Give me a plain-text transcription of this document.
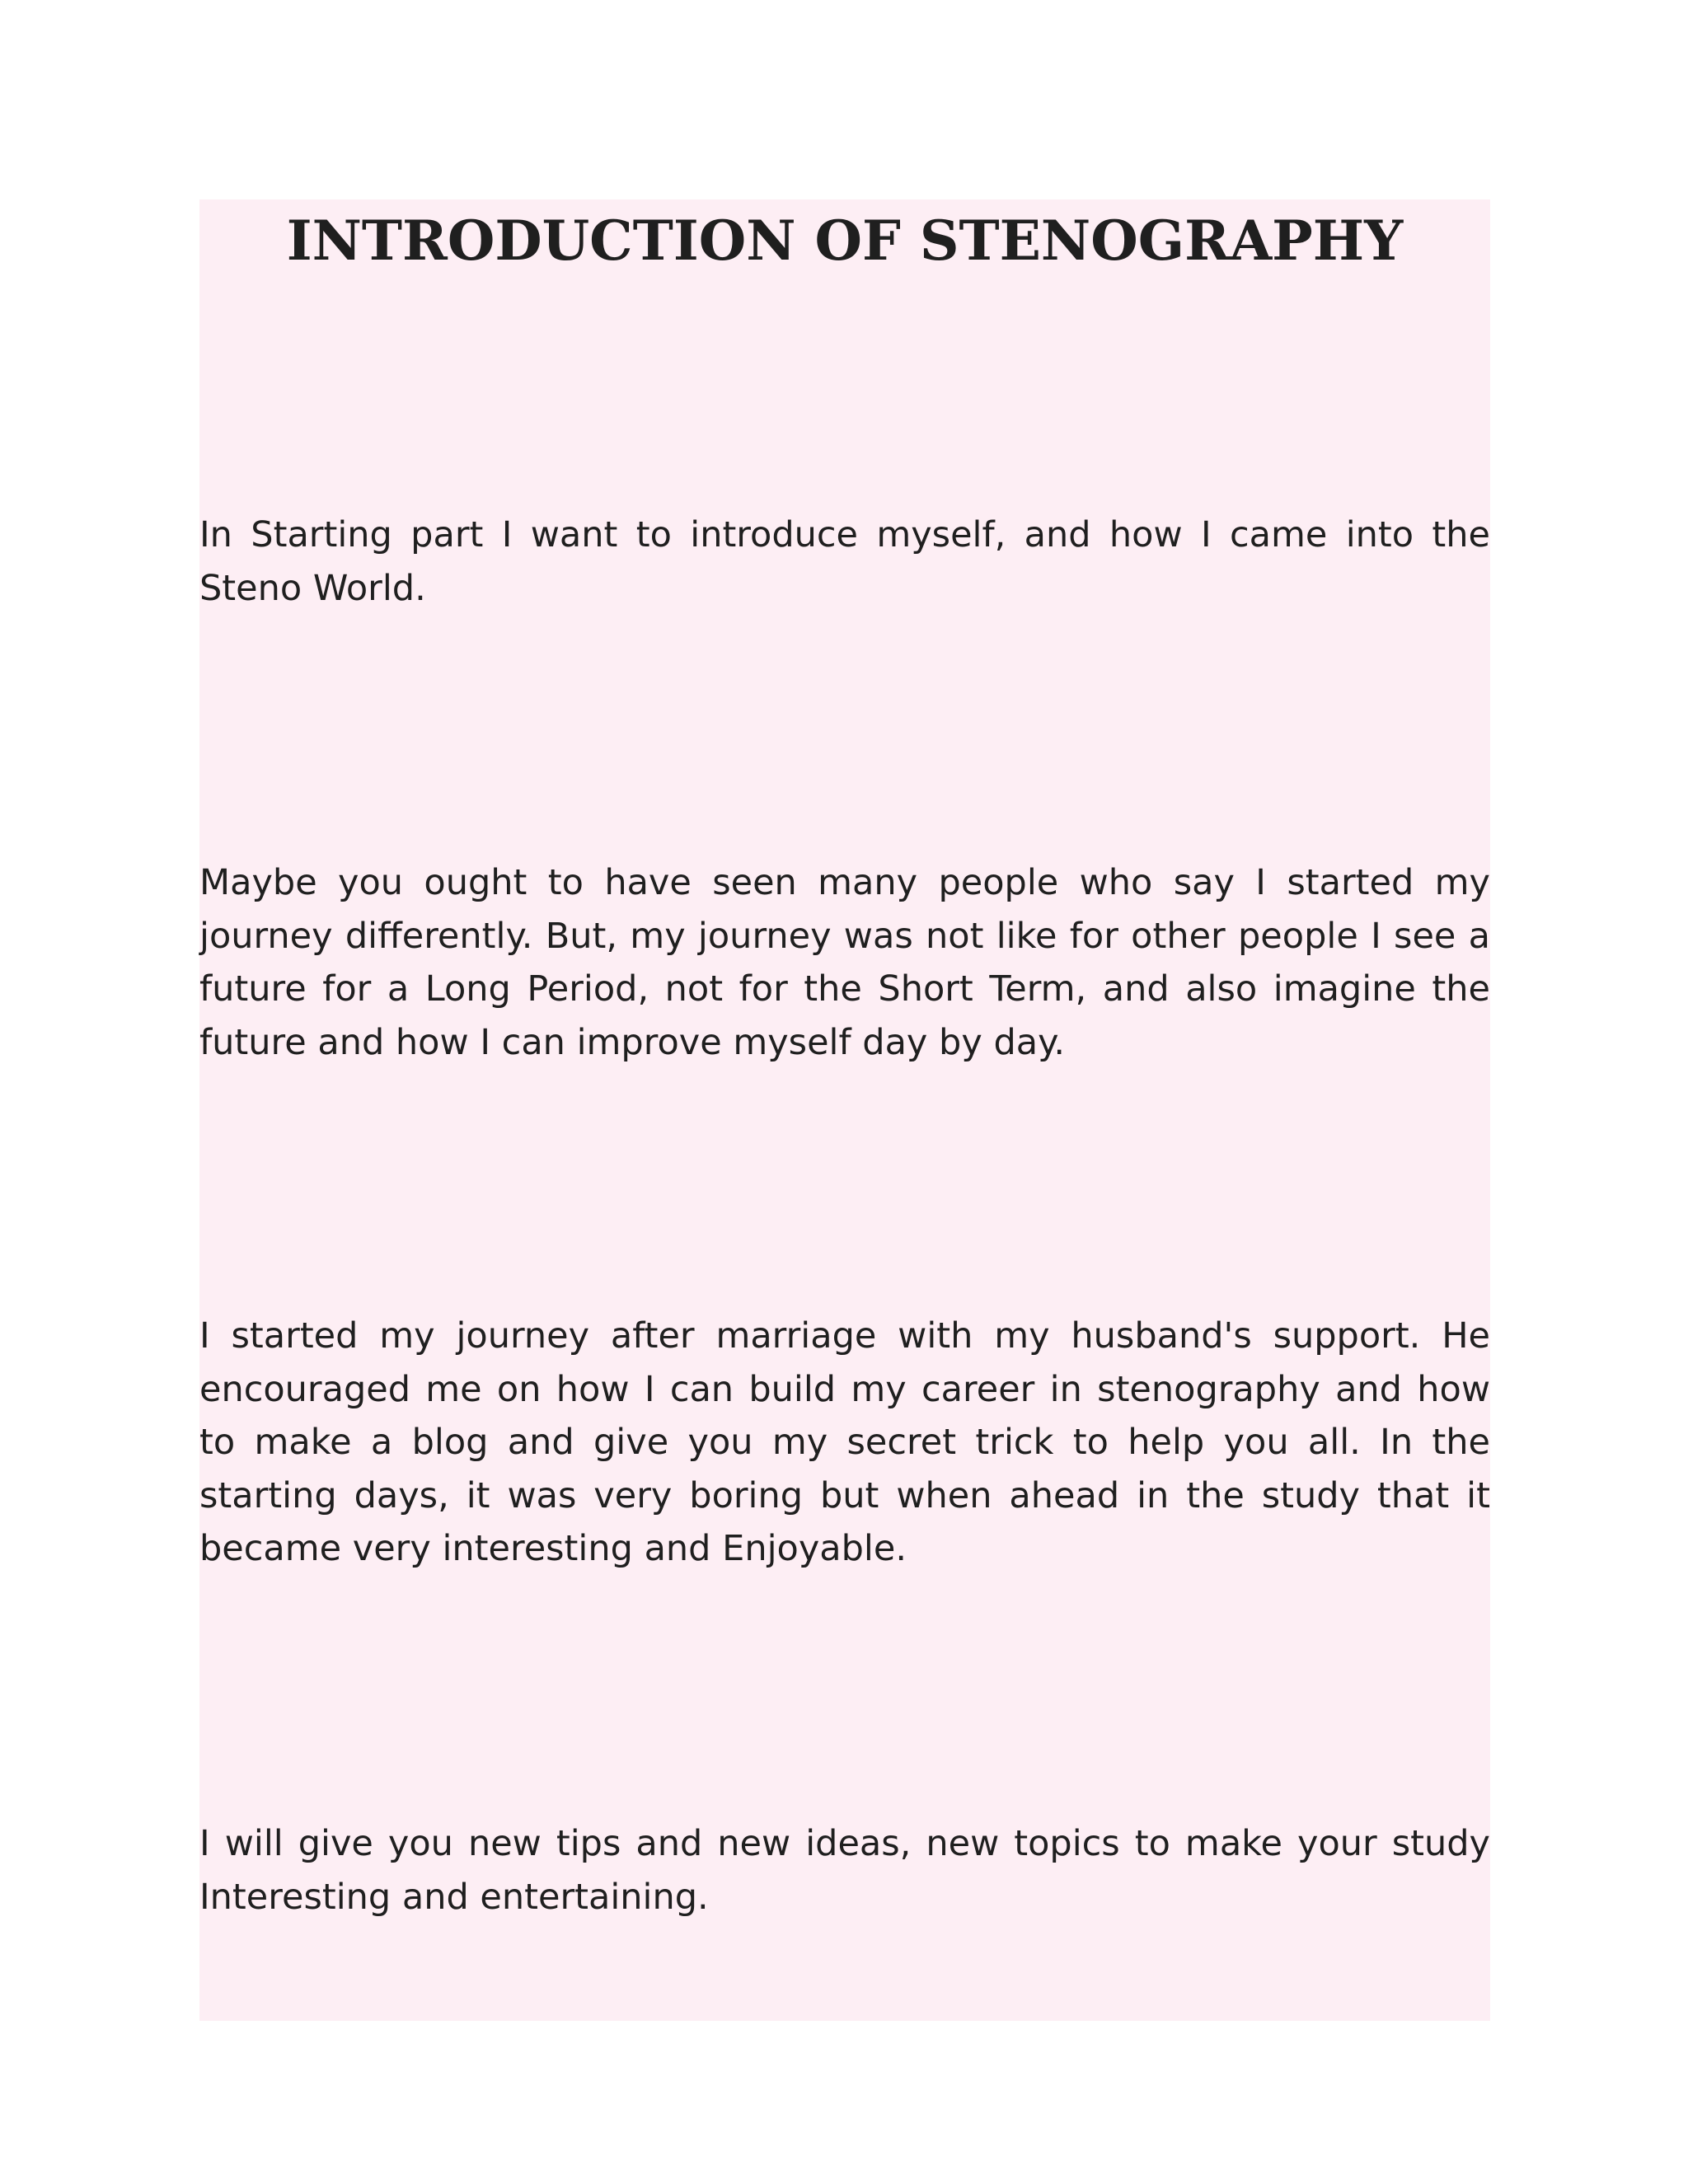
INTRODUCTION OF STENOGRAPHY

In Starting part I want to introduce myself, and how I came into the Steno World.

Maybe you ought to have seen many people who say I started my journey differently. But, my journey was not like for other people I see a future for a Long Period, not for the Short Term, and also imagine the future and how I can improve myself day by day.

I started my journey after marriage with my husband's support. He encouraged me on how I can build my career in stenography and how to make a blog and give you my secret trick to help you all. In the starting days, it was very boring but when ahead in the study that it became very interesting and Enjoyable.

I will give you new tips and new ideas, new topics to make your study Interesting and entertaining.
